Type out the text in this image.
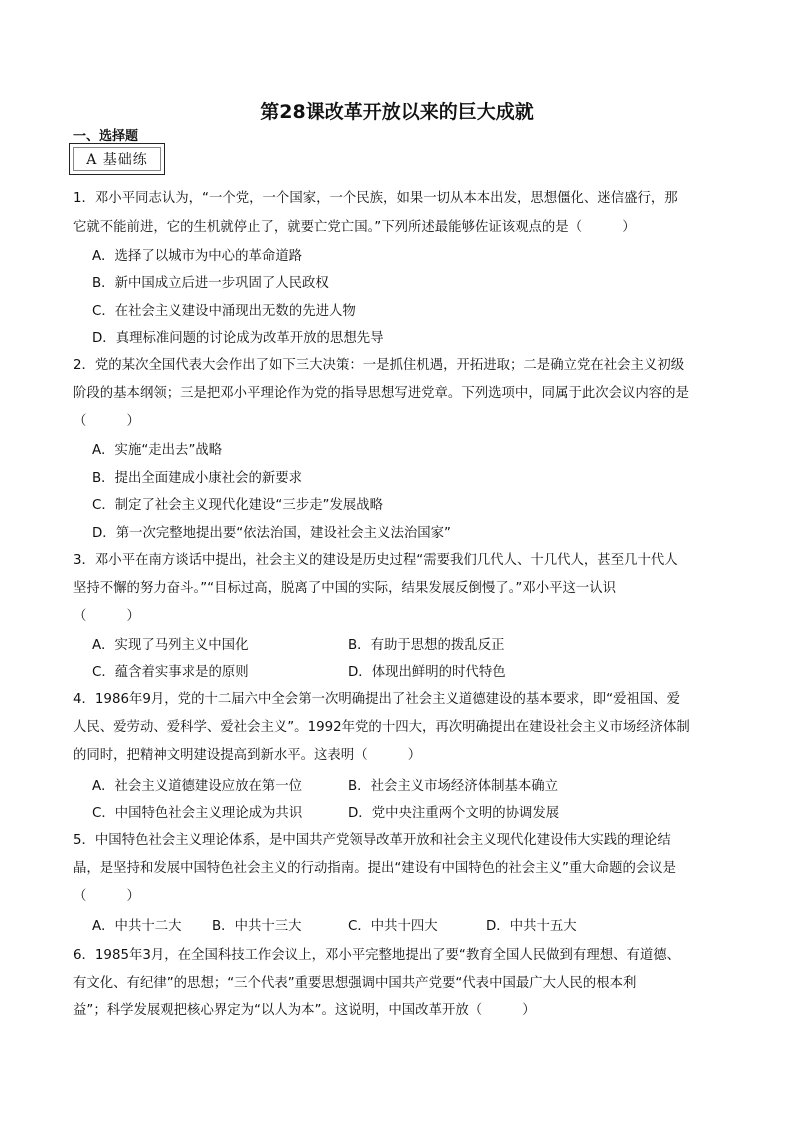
第28课改革开放以来的巨大成就
一、选择题
A 基础练
1．邓小平同志认为，“一个党，一个国家，一个民族，如果一切从本本出发，思想僵化、迷信盛行，那
它就不能前进，它的生机就停止了，就要亡党亡国。”下列所述最能够佐证该观点的是（　　　）
A．选择了以城市为中心的革命道路
B．新中国成立后进一步巩固了人民政权
C．在社会主义建设中涌现出无数的先进人物
D．真理标准问题的讨论成为改革开放的思想先导
2．党的某次全国代表大会作出了如下三大决策：一是抓住机遇，开拓进取；二是确立党在社会主义初级
阶段的基本纲领；三是把邓小平理论作为党的指导思想写进党章。下列选项中，同属于此次会议内容的是
（　　　）
A．实施“走出去”战略
B．提出全面建成小康社会的新要求
C．制定了社会主义现代化建设“三步走”发展战略
D．第一次完整地提出要“依法治国，建设社会主义法治国家”
3．邓小平在南方谈话中提出，社会主义的建设是历史过程“需要我们几代人、十几代人，甚至几十代人
坚持不懈的努力奋斗。”“目标过高，脱离了中国的实际，结果发展反倒慢了。”邓小平这一认识
（　　　）
A．实现了马列主义中国化	B．有助于思想的拨乱反正
C．蕴含着实事求是的原则	D．体现出鲜明的时代特色
4．1986年9月，党的十二届六中全会第一次明确提出了社会主义道德建设的基本要求，即“爱祖国、爱
人民、爱劳动、爱科学、爱社会主义”。1992年党的十四大，再次明确提出在建设社会主义市场经济体制
的同时，把精神文明建设提高到新水平。这表明（　　　）
A．社会主义道德建设应放在第一位	B．社会主义市场经济体制基本确立
C．中国特色社会主义理论成为共识	D．党中央注重两个文明的协调发展
5．中国特色社会主义理论体系，是中国共产党领导改革开放和社会主义现代化建设伟大实践的理论结
晶，是坚持和发展中国特色社会主义的行动指南。提出“建设有中国特色的社会主义”重大命题的会议是
（　　　）
A．中共十二大 B．中共十三大	C．中共十四大	D．中共十五大
6．1985年3月，在全国科技工作会议上，邓小平完整地提出了要“教育全国人民做到有理想、有道德、
有文化、有纪律”的思想；“三个代表”重要思想强调中国共产党要“代表中国最广大人民的根本利
益”；科学发展观把核心界定为“以人为本”。这说明，中国改革开放（　　　）
